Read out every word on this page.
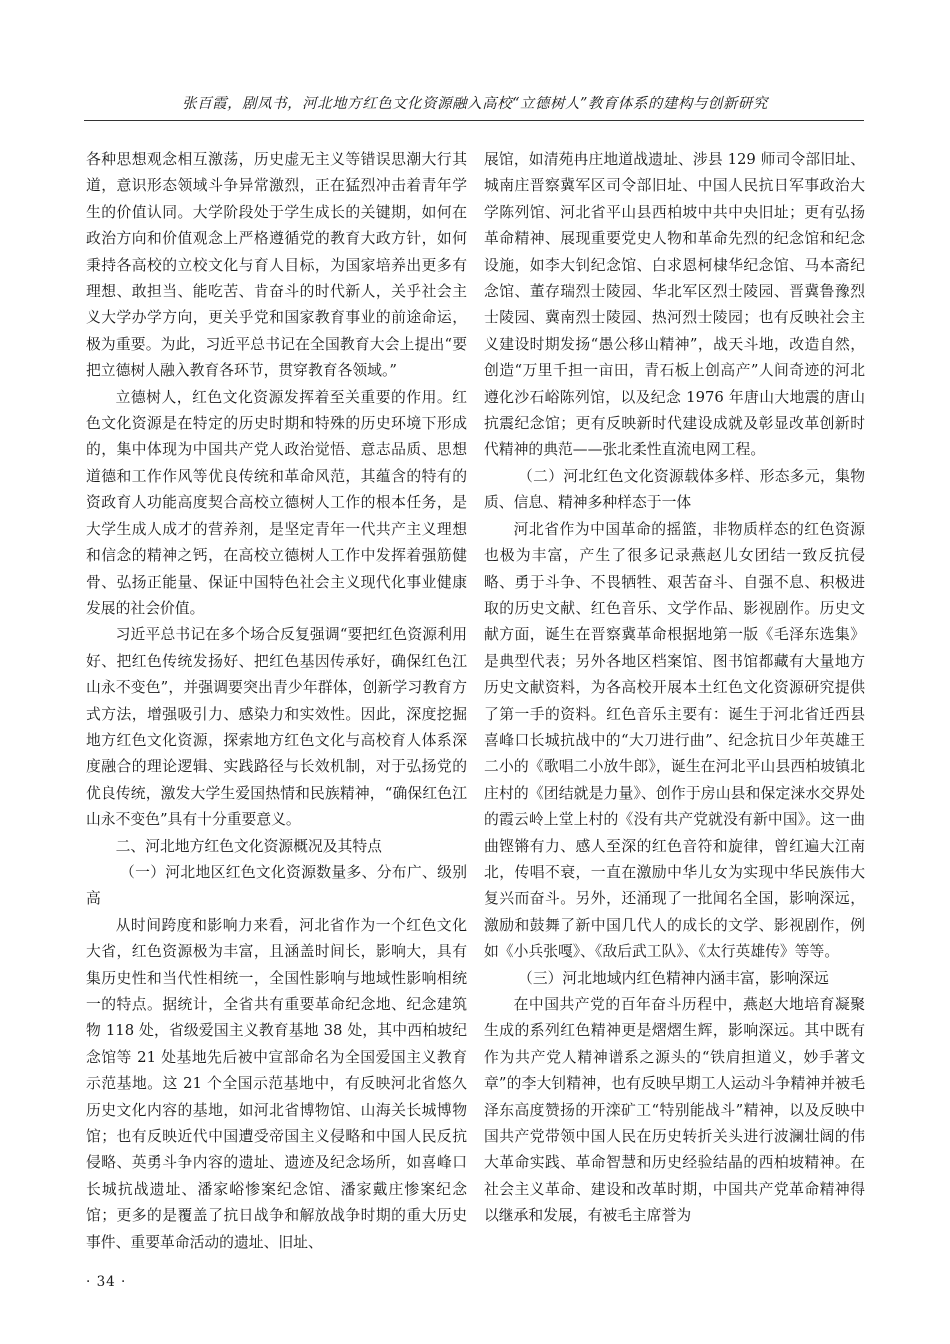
张百霞，剧凤书，河北地方红色文化资源融入高校“立德树人”教育体系的建构与创新研究

各种思想观念相互激荡，历史虚无主义等错误思潮大行其道，意识形态领域斗争异常激烈，正在猛烈冲击着青年学生的价值认同。大学阶段处于学生成长的关键期，如何在政治方向和价值观念上严格遵循党的教育大政方针，如何秉持各高校的立校文化与育人目标，为国家培养出更多有理想、敢担当、能吃苦、肯奋斗的时代新人，关乎社会主义大学办学方向，更关乎党和国家教育事业的前途命运，极为重要。为此，习近平总书记在全国教育大会上提出“要把立德树人融入教育各环节，贯穿教育各领域。”

立德树人，红色文化资源发挥着至关重要的作用。红色文化资源是在特定的历史时期和特殊的历史环境下形成的，集中体现为中国共产党人政治觉悟、意志品质、思想道德和工作作风等优良传统和革命风范，其蕴含的特有的资政育人功能高度契合高校立德树人工作的根本任务，是大学生成人成才的营养剂，是坚定青年一代共产主义理想和信念的精神之钙，在高校立德树人工作中发挥着强筋健骨、弘扬正能量、保证中国特色社会主义现代化事业健康发展的社会价值。

习近平总书记在多个场合反复强调“要把红色资源利用好、把红色传统发扬好、把红色基因传承好，确保红色江山永不变色”，并强调要突出青少年群体，创新学习教育方式方法，增强吸引力、感染力和实效性。因此，深度挖掘地方红色文化资源，探索地方红色文化与高校育人体系深度融合的理论逻辑、实践路径与长效机制，对于弘扬党的优良传统，激发大学生爱国热情和民族精神，“确保红色江山永不变色”具有十分重要意义。

二、河北地方红色文化资源概况及其特点
（一）河北地区红色文化资源数量多、分布广、级别高

从时间跨度和影响力来看，河北省作为一个红色文化大省，红色资源极为丰富，且涵盖时间长，影响大，具有集历史性和当代性相统一，全国性影响与地域性影响相统一的特点。据统计，全省共有重要革命纪念地、纪念建筑物 118 处，省级爱国主义教育基地 38 处，其中西柏坡纪念馆等 21 处基地先后被中宣部命名为全国爱国主义教育示范基地。这 21 个全国示范基地中，有反映河北省悠久历史文化内容的基地，如河北省博物馆、山海关长城博物馆；也有反映近代中国遭受帝国主义侵略和中国人民反抗侵略、英勇斗争内容的遗址、遗迹及纪念场所，如喜峰口长城抗战遗址、潘家峪惨案纪念馆、潘家戴庄惨案纪念馆；更多的是覆盖了抗日战争和解放战争时期的重大历史事件、重要革命活动的遗址、旧址、

展馆，如清苑冉庄地道战遗址、涉县 129 师司令部旧址、城南庄晋察冀军区司令部旧址、中国人民抗日军事政治大学陈列馆、河北省平山县西柏坡中共中央旧址；更有弘扬革命精神、展现重要党史人物和革命先烈的纪念馆和纪念设施，如李大钊纪念馆、白求恩柯棣华纪念馆、马本斋纪念馆、董存瑞烈士陵园、华北军区烈士陵园、晋冀鲁豫烈士陵园、冀南烈士陵园、热河烈士陵园；也有反映社会主义建设时期发扬“愚公移山精神”，战天斗地，改造自然，创造“万里千担一亩田，青石板上创高产”人间奇迹的河北遵化沙石峪陈列馆，以及纪念 1976 年唐山大地震的唐山抗震纪念馆；更有反映新时代建设成就及彰显改革创新时代精神的典范——张北柔性直流电网工程。

（二）河北红色文化资源载体多样、形态多元，集物质、信息、精神多种样态于一体

河北省作为中国革命的摇篮，非物质样态的红色资源也极为丰富，产生了很多记录燕赵儿女团结一致反抗侵略、勇于斗争、不畏牺牲、艰苦奋斗、自强不息、积极进取的历史文献、红色音乐、文学作品、影视剧作。历史文献方面，诞生在晋察冀革命根据地第一版《毛泽东选集》是典型代表；另外各地区档案馆、图书馆都藏有大量地方历史文献资料，为各高校开展本土红色文化资源研究提供了第一手的资料。红色音乐主要有：诞生于河北省迁西县喜峰口长城抗战中的“大刀进行曲”、纪念抗日少年英雄王二小的《歌唱二小放牛郎》，诞生在河北平山县西柏坡镇北庄村的《团结就是力量》、创作于房山县和保定涞水交界处的霞云岭上堂上村的《没有共产党就没有新中国》。这一曲曲铿锵有力、感人至深的红色音符和旋律，曾红遍大江南北，传唱不衰，一直在激励中华儿女为实现中华民族伟大复兴而奋斗。另外，还涌现了一批闻名全国，影响深远，激励和鼓舞了新中国几代人的成长的文学、影视剧作，例如《小兵张嘎》、《敌后武工队》、《太行英雄传》等等。

（三）河北地域内红色精神内涵丰富，影响深远

在中国共产党的百年奋斗历程中，燕赵大地培育凝聚生成的系列红色精神更是熠熠生辉，影响深远。其中既有作为共产党人精神谱系之源头的“铁肩担道义，妙手著文章”的李大钊精神，也有反映早期工人运动斗争精神并被毛泽东高度赞扬的开滦矿工“特别能战斗”精神，以及反映中国共产党带领中国人民在历史转折关头进行波澜壮阔的伟大革命实践、革命智慧和历史经验结晶的西柏坡精神。在社会主义革命、建设和改革时期，中国共产党革命精神得以继承和发展，有被毛主席誉为

· 34 ·
